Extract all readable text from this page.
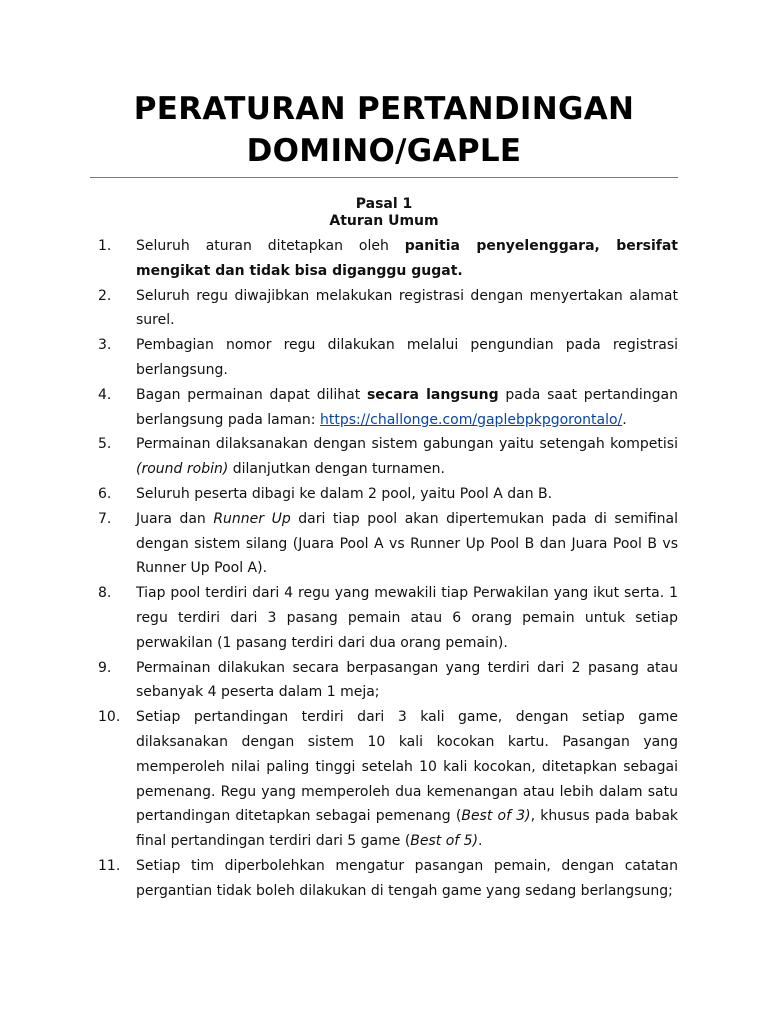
PERATURAN PERTANDINGAN
DOMINO/GAPLE
Pasal 1
Aturan Umum
1.	Seluruh aturan ditetapkan oleh panitia penyelenggara, bersifat mengikat dan tidak bisa diganggu gugat.
2.	Seluruh regu diwajibkan melakukan registrasi dengan menyertakan alamat surel.
3.	Pembagian nomor regu dilakukan melalui pengundian pada registrasi berlangsung.
4.	Bagan permainan dapat dilihat secara langsung pada saat pertandingan berlangsung pada laman: https://challonge.com/gaplebpkpgorontalo/.
5.	Permainan dilaksanakan dengan sistem gabungan yaitu setengah kompetisi (round robin) dilanjutkan dengan turnamen.
6.	Seluruh peserta dibagi ke dalam 2 pool, yaitu Pool A dan B.
7.	Juara dan Runner Up dari tiap pool akan dipertemukan pada di semifinal dengan sistem silang (Juara Pool A vs Runner Up Pool B dan Juara Pool B vs Runner Up Pool A).
8.	Tiap pool terdiri dari 4 regu yang mewakili tiap Perwakilan yang ikut serta. 1 regu terdiri dari 3 pasang pemain atau 6 orang pemain untuk setiap perwakilan (1 pasang terdiri dari dua orang pemain).
9.	Permainan dilakukan secara berpasangan yang terdiri dari 2 pasang atau sebanyak 4 peserta dalam 1 meja;
10.	Setiap pertandingan terdiri dari 3 kali game, dengan setiap game dilaksanakan dengan sistem 10 kali kocokan kartu. Pasangan yang memperoleh nilai paling tinggi setelah 10 kali kocokan, ditetapkan sebagai pemenang. Regu yang memperoleh dua kemenangan atau lebih dalam satu pertandingan ditetapkan sebagai pemenang (Best of 3), khusus pada babak final pertandingan terdiri dari 5 game (Best of 5).
11.	Setiap tim diperbolehkan mengatur pasangan pemain, dengan catatan pergantian tidak boleh dilakukan di tengah game yang sedang berlangsung;
